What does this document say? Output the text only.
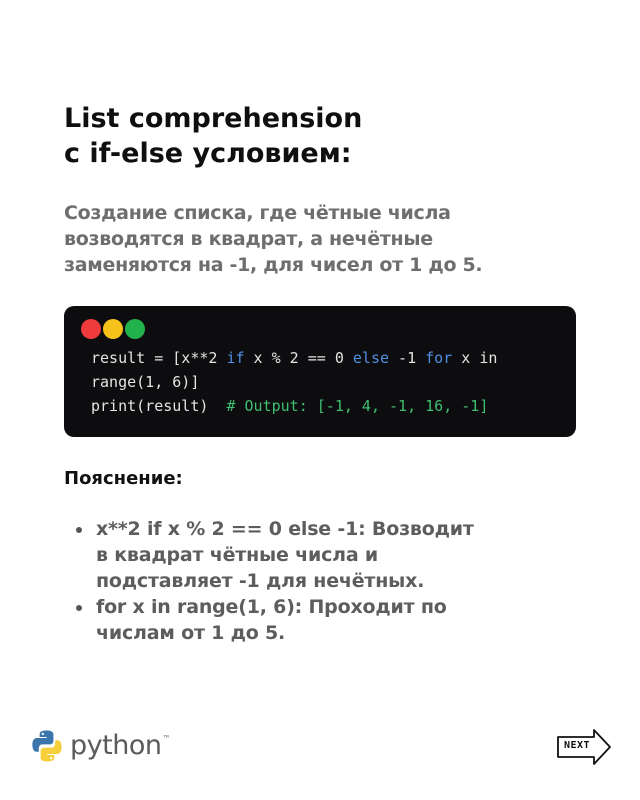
List comprehension
с if-else условием:
Создание списка, где чётные числа
возводятся в квадрат, а нечётные
заменяются на -1, для чисел от 1 до 5.
result = [x**2 if x % 2 == 0 else -1 for x in
range(1, 6)]
print(result)  # Output: [-1, 4, -1, 16, -1]
Пояснение:
x**2 if x % 2 == 0 else -1: Возводит
в квадрат чётные числа и
подставляет -1 для нечётных.
for x in range(1, 6): Проходит по
числам от 1 до 5.
python™
NEXT
